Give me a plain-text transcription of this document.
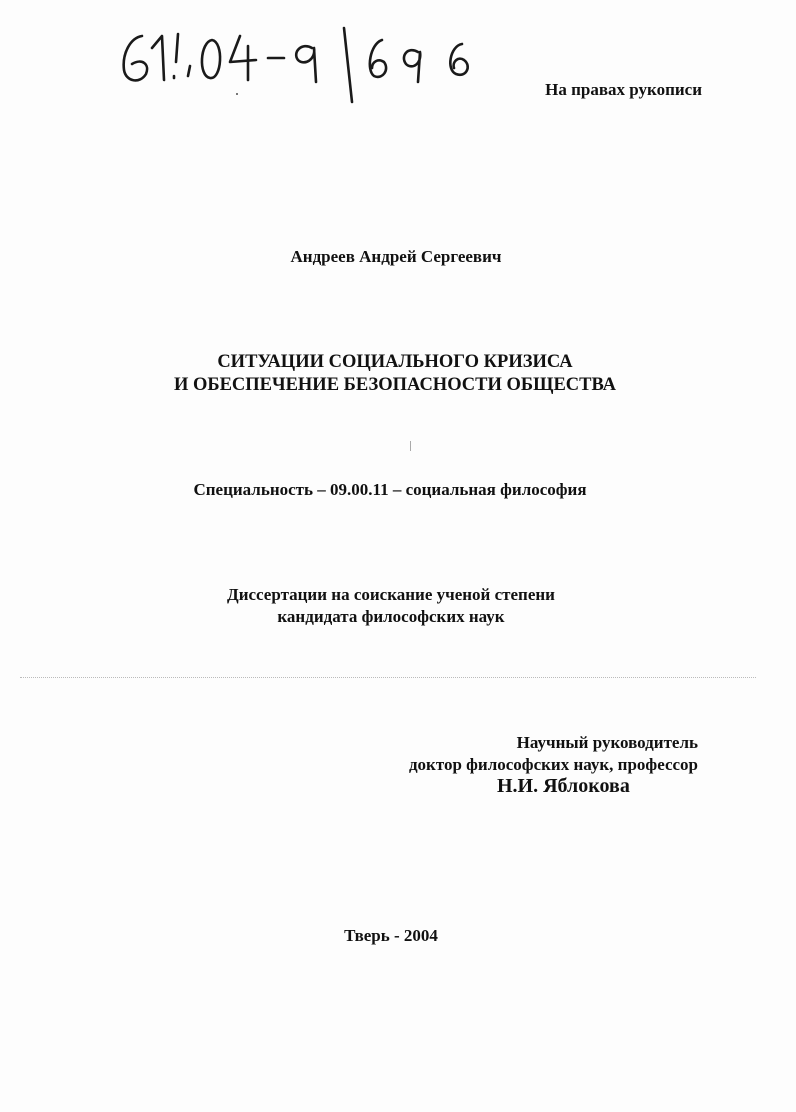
На правах рукописи
Андреев Андрей Сергеевич
СИТУАЦИИ СОЦИАЛЬНОГО КРИЗИСА
И ОБЕСПЕЧЕНИЕ БЕЗОПАСНОСТИ ОБЩЕСТВА
Специальность – 09.00.11 – социальная философия
Диссертации на соискание ученой степени
кандидата философских наук
Научный руководитель
доктор философских наук, профессор
Н.И. Яблокова
Тверь - 2004
